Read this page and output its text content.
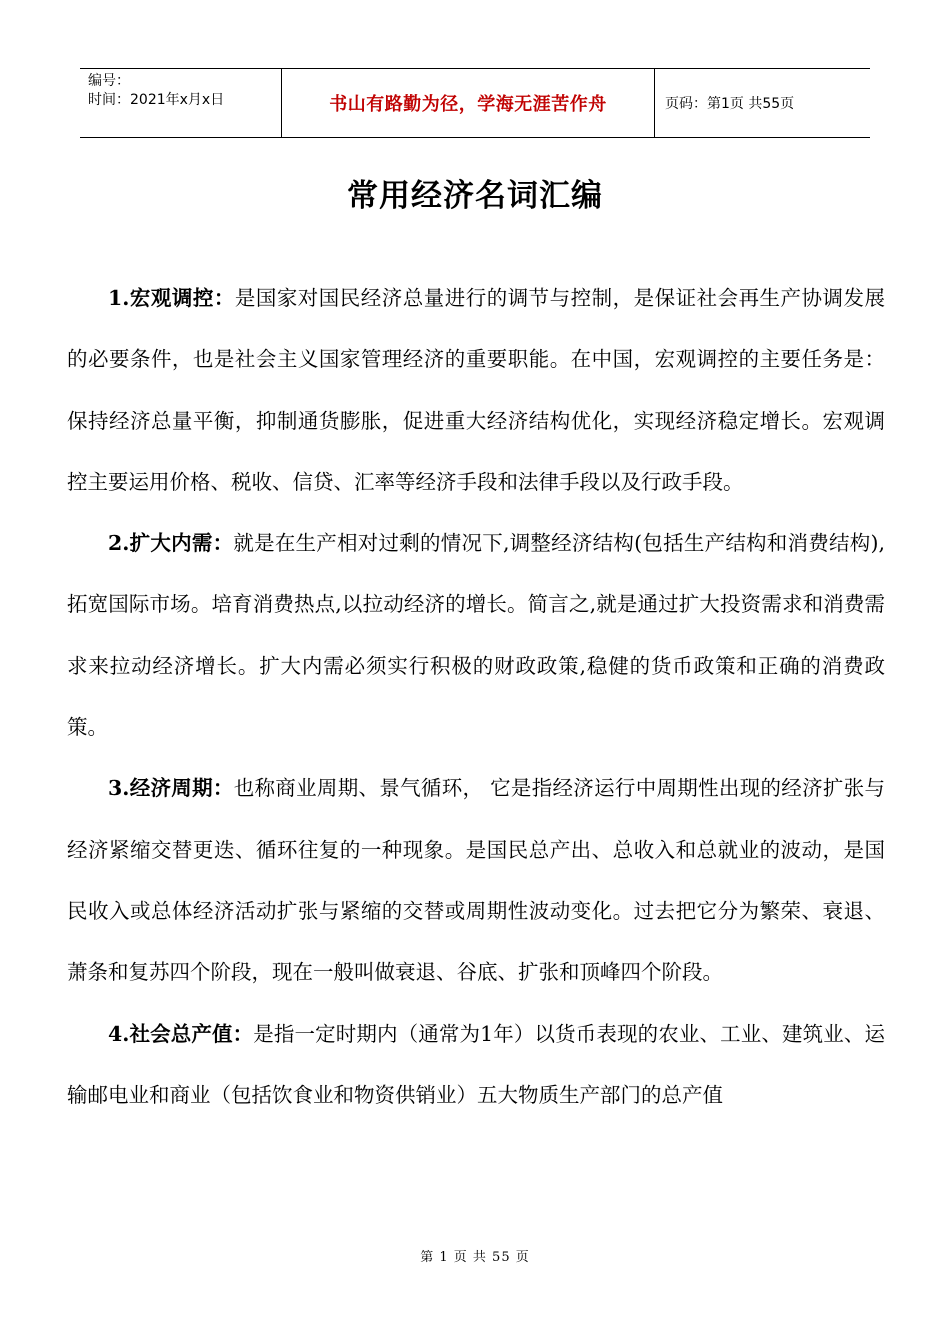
编号：
时间：2021年x月x日	书山有路勤为径，学海无涯苦作舟	页码：第1页 共55页
常用经济名词汇编

1.宏观调控：是国家对国民经济总量进行的调节与控制，是保证社会再生产协调发展的必要条件，也是社会主义国家管理经济的重要职能。在中国，宏观调控的主要任务是：保持经济总量平衡，抑制通货膨胀，促进重大经济结构优化，实现经济稳定增长。宏观调控主要运用价格、税收、信贷、汇率等经济手段和法律手段以及行政手段。

2.扩大内需：就是在生产相对过剩的情况下,调整经济结构(包括生产结构和消费结构),拓宽国际市场。培育消费热点,以拉动经济的增长。简言之,就是通过扩大投资需求和消费需求来拉动经济增长。扩大内需必须实行积极的财政政策,稳健的货币政策和正确的消费政策。

3.经济周期：也称商业周期、景气循环， 它是指经济运行中周期性出现的经济扩张与经济紧缩交替更迭、循环往复的一种现象。是国民总产出、总收入和总就业的波动，是国民收入或总体经济活动扩张与紧缩的交替或周期性波动变化。过去把它分为繁荣、衰退、萧条和复苏四个阶段，现在一般叫做衰退、谷底、扩张和顶峰四个阶段。

4.社会总产值：是指一定时期内（通常为1年）以货币表现的农业、工业、建筑业、运输邮电业和商业（包括饮食业和物资供销业）五大物质生产部门的总产值

第 1 页 共 55 页
